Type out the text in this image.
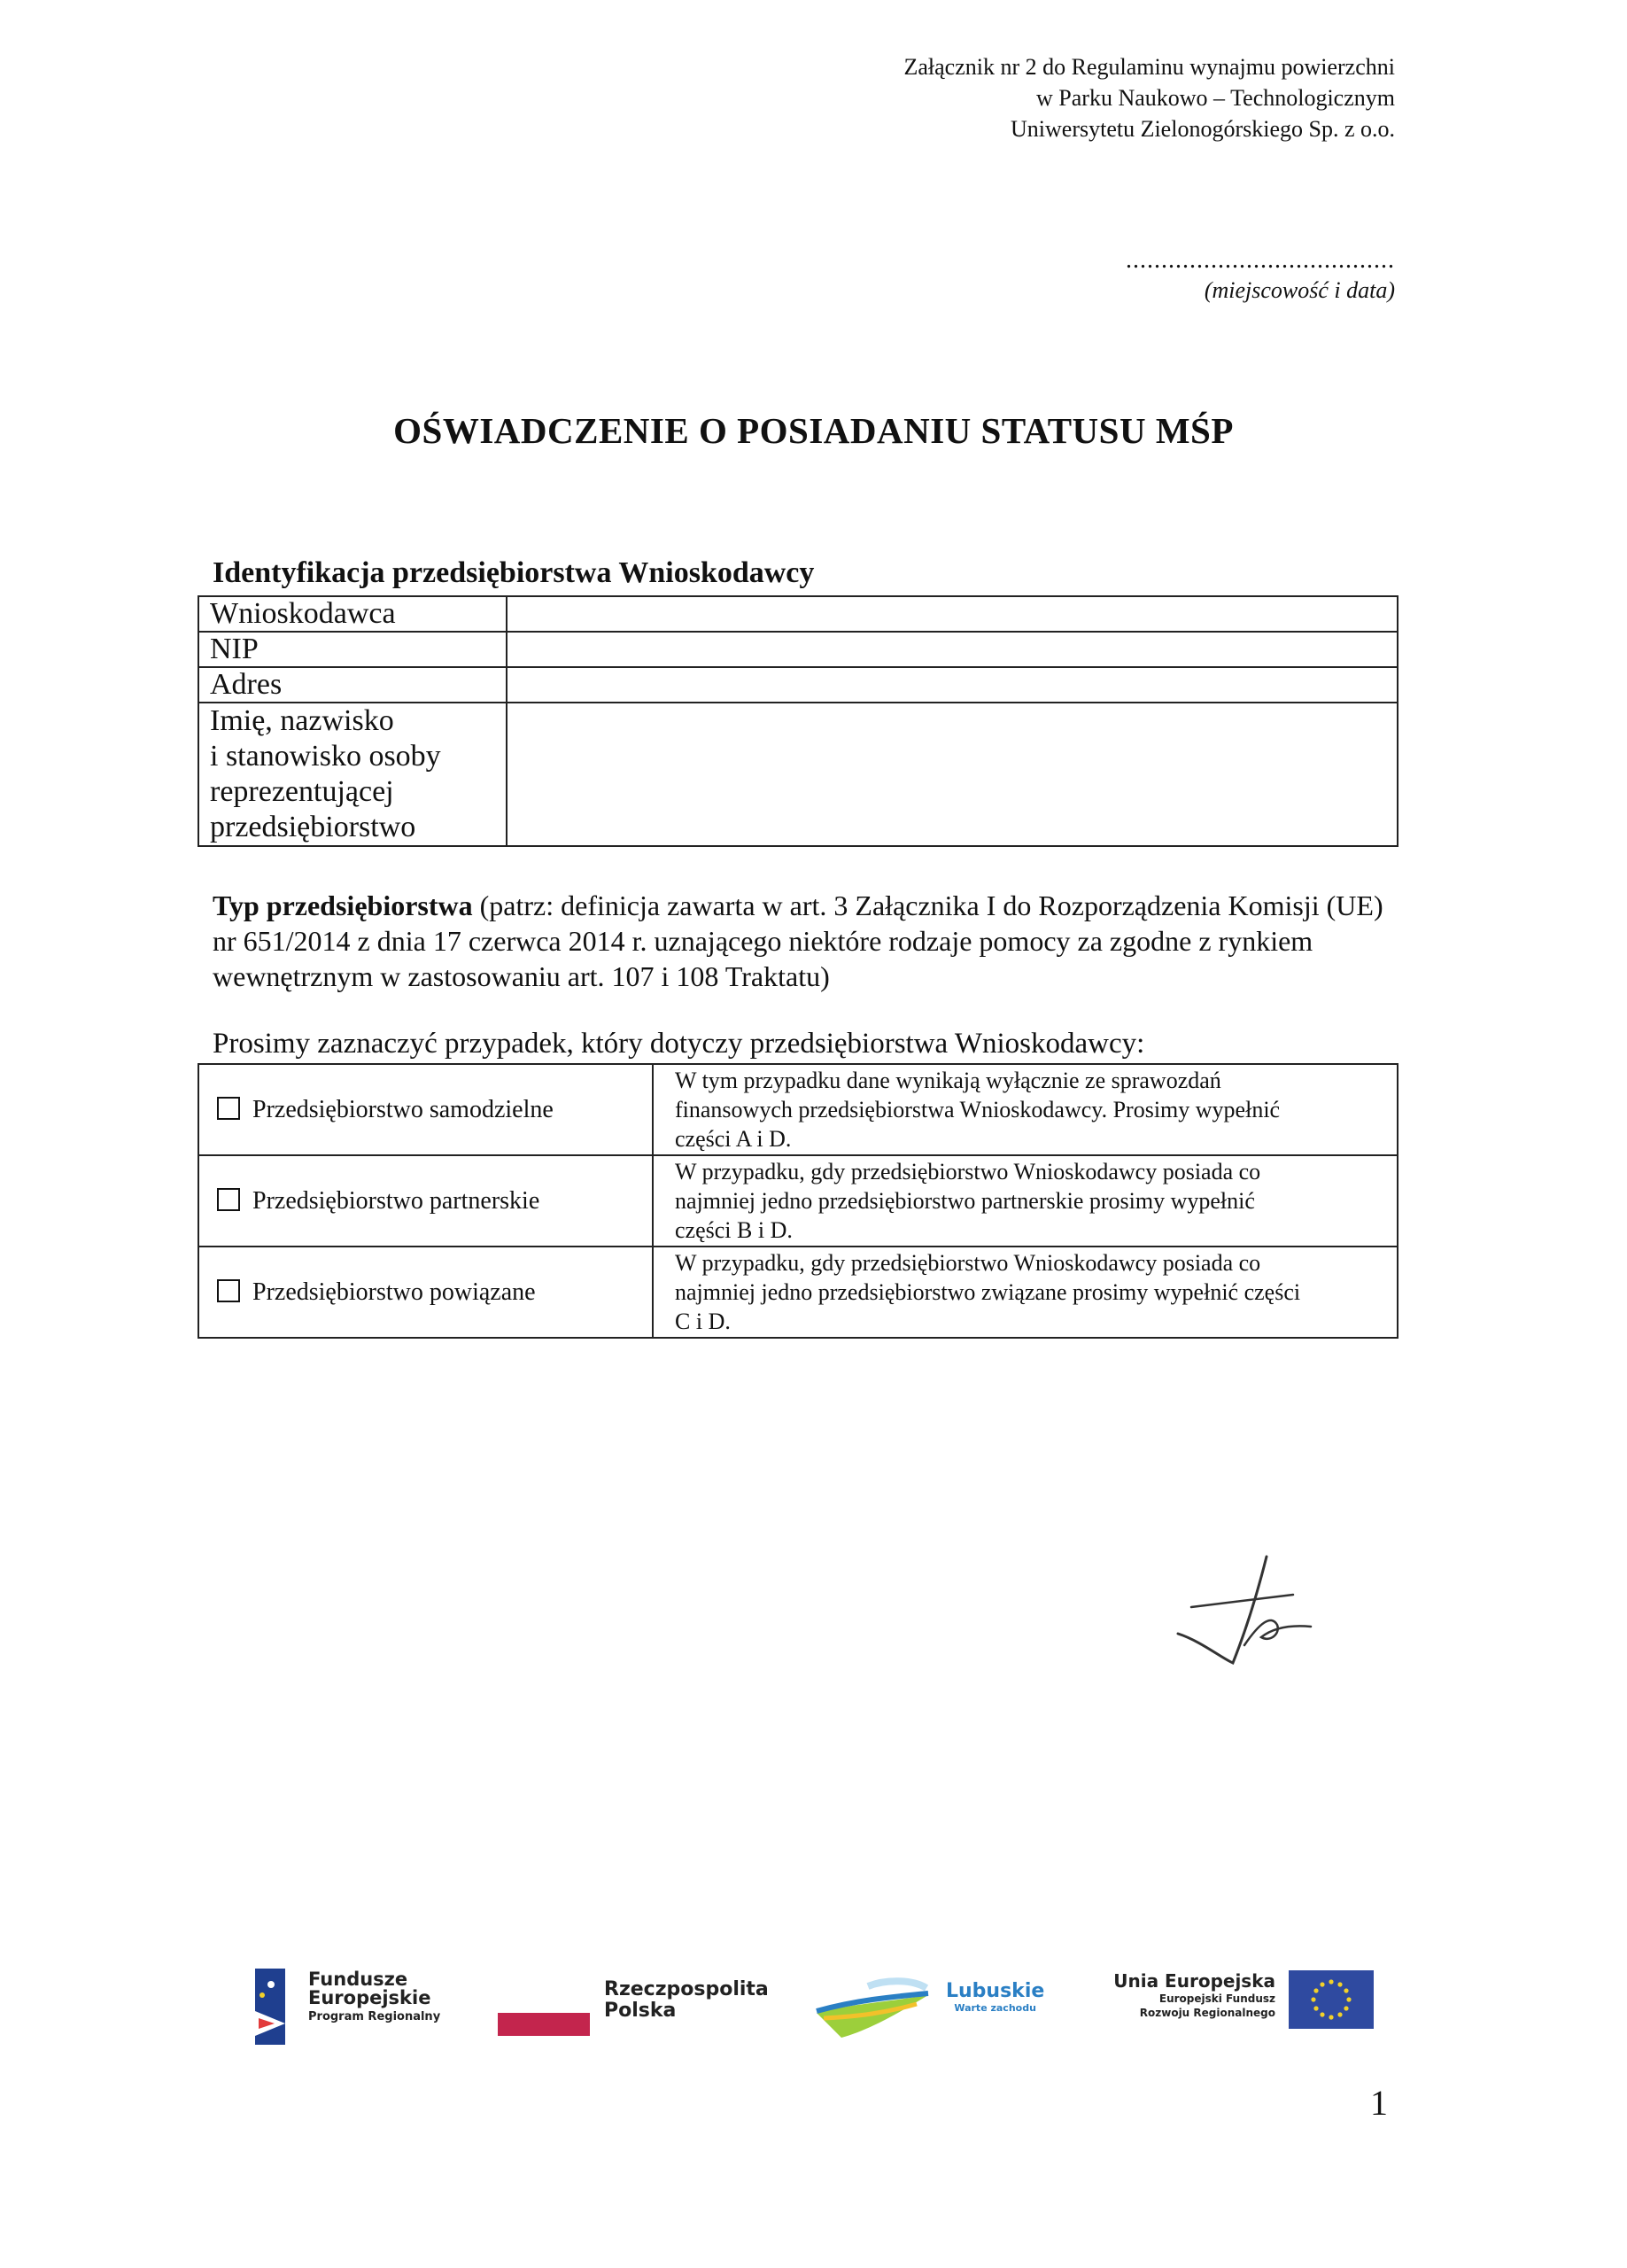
Załącznik nr 2 do Regulaminu wynajmu powierzchni
w Parku Naukowo – Technologicznym
Uniwersytetu Zielonogórskiego Sp. z o.o.
......................................
(miejscowość i data)
OŚWIADCZENIE O POSIADANIU STATUSU MŚP
Identyfikacja przedsiębiorstwa Wnioskodawcy
Wnioskodawca	
NIP	
Adres	

Imię, nazwisko
i stanowisko osoby
reprezentującej
przedsiębiorstwo	

Typ przedsiębiorstwa (patrz: definicja zawarta w art. 3 Załącznika I do Rozporządzenia Komisji (UE) nr 651/2014 z dnia 17 czerwca 2014 r. uznającego niektóre rodzaje pomocy za zgodne z rynkiem wewnętrznym w zastosowaniu art. 107 i 108 Traktatu)
Prosimy zaznaczyć przypadek, który dotyczy przedsiębiorstwa Wnioskodawcy:
Przedsiębiorstwo samodzielne	W tym przypadku dane wynikają wyłącznie ze sprawozdań
finansowych przedsiębiorstwa Wnioskodawcy. Prosimy wypełnić
części A i D.

Przedsiębiorstwo partnerskie	W przypadku, gdy przedsiębiorstwo Wnioskodawcy posiada co
najmniej jedno przedsiębiorstwo partnerskie prosimy wypełnić
części B i D.

Przedsiębiorstwo powiązane	W przypadku, gdy przedsiębiorstwo Wnioskodawcy posiada co
najmniej jedno przedsiębiorstwo związane prosimy wypełnić części
C i D.
Fundusze
Europejskie
Program Regionalny
Rzeczpospolita
Polska
Lubuskie
Warte zachodu
Unia Europejska
Europejski Fundusz
Rozwoju Regionalnego
1
